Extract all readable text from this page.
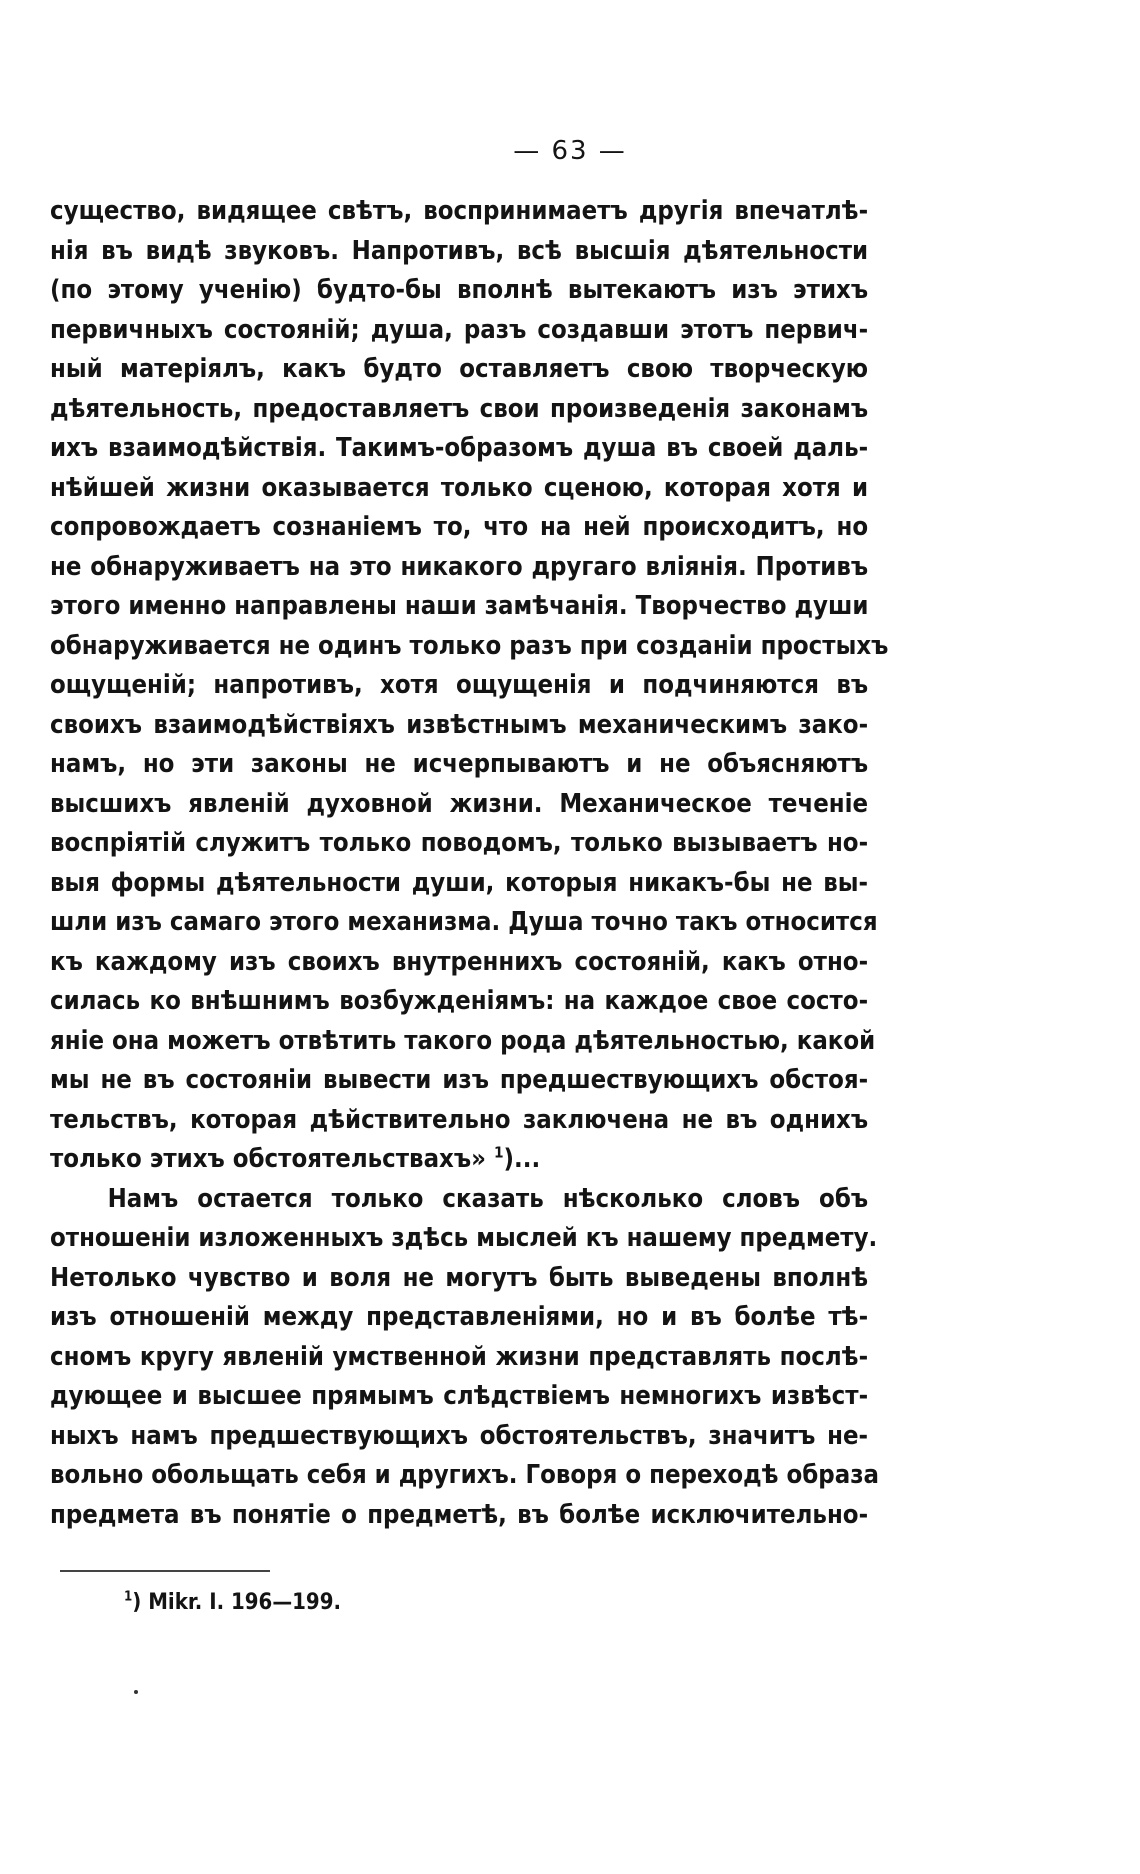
— 63 —
существо, видящее свѣтъ, воспринимаетъ другія впечатлѣ-
нія въ видѣ звуковъ. Напротивъ, всѣ высшія дѣятельности
(по этому ученію) будто-бы вполнѣ вытекаютъ изъ этихъ
первичныхъ состояній; душа, разъ создавши этотъ первич-
ный матеріялъ, какъ будто оставляетъ свою творческую
дѣятельность, предоставляетъ свои произведенія законамъ
ихъ взаимодѣйствія. Такимъ-образомъ душа въ своей даль-
нѣйшей жизни оказывается только сценою, которая хотя и
сопровождаетъ сознаніемъ то, что на ней происходитъ, но
не обнаруживаетъ на это никакого другаго вліянія. Противъ
этого именно направлены наши замѣчанія. Творчество души
обнаруживается не одинъ только разъ при созданіи простыхъ
ощущеній; напротивъ, хотя ощущенія и подчиняются въ
своихъ взаимодѣйствіяхъ извѣстнымъ механическимъ зако-
намъ, но эти законы не исчерпываютъ и не объясняютъ
высшихъ явленій духовной жизни. Механическое теченіе
воспріятій служитъ только поводомъ, только вызываетъ но-
выя формы дѣятельности души, которыя никакъ-бы не вы-
шли изъ самаго этого механизма. Душа точно такъ относится
къ каждому изъ своихъ внутреннихъ состояній, какъ отно-
силась ко внѣшнимъ возбужденіямъ: на каждое свое состо-
яніе она можетъ отвѣтить такого рода дѣятельностью, какой
мы не въ состояніи вывести изъ предшествующихъ обстоя-
тельствъ, которая дѣйствительно заключена не въ однихъ
только этихъ обстоятельствахъ» $^1$)...
Намъ остается только сказать нѣсколько словъ объ
отношеніи изложенныхъ здѣсь мыслей къ нашему предмету.
Нетолько чувство и воля не могутъ быть выведены вполнѣ
изъ отношеній между представленіями, но и въ болѣе тѣ-
сномъ кругу явленій умственной жизни представлять послѣ-
дующее и высшее прямымъ слѣдствіемъ немногихъ извѣст-
ныхъ намъ предшествующихъ обстоятельствъ, значитъ не-
вольно обольщать себя и другихъ. Говоря о переходѣ образа
предмета въ понятіе о предметѣ, въ болѣе исключительно-
$^1$) Mikr. I. 196—199.
